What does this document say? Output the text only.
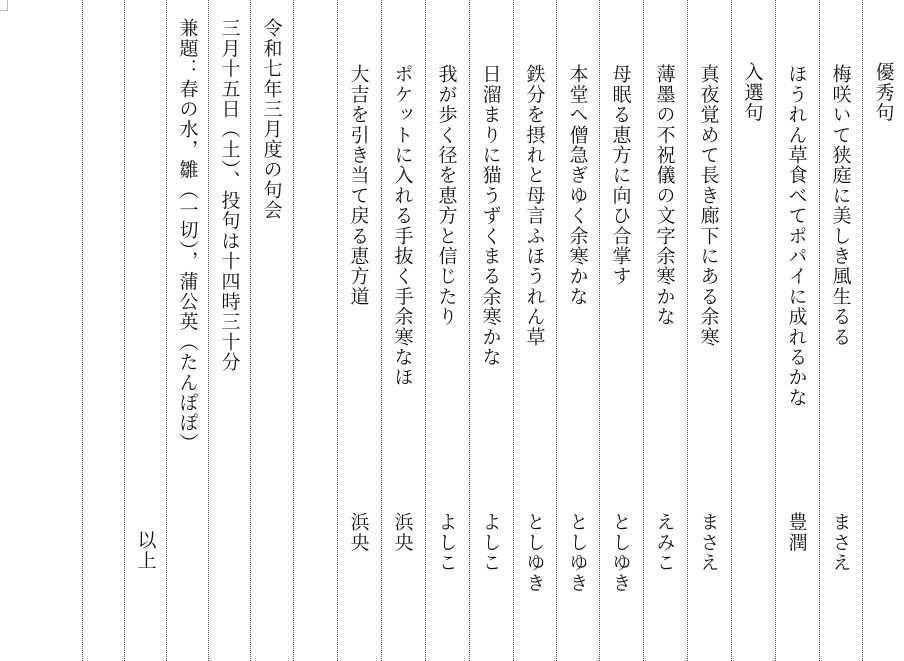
優秀句
梅咲いて狭庭に美しき風生るる
まさえ
ほうれん草食べてポパイに成れるかな
豊潤
入選句
真夜覚めて長き廊下にある余寒
まさえ
薄墨の不祝儀の文字余寒かな
えみこ
母眠る恵方に向ひ合掌す
としゆき
本堂へ僧急ぎゆく余寒かな
としゆき
鉄分を摂れと母言ふほうれん草
としゆき
日溜まりに猫うずくまる余寒かな
よしこ
我が歩く径を恵方と信じたり
よしこ
ポケットに入れる手抜く手余寒なほ
浜央
大吉を引き当て戻る恵方道
浜央
令和七年三月度の句会
三月十五日（土）、投句は十四時三十分
兼題：春の水，雛（一切），蒲公英（たんぽぽ）
以上
